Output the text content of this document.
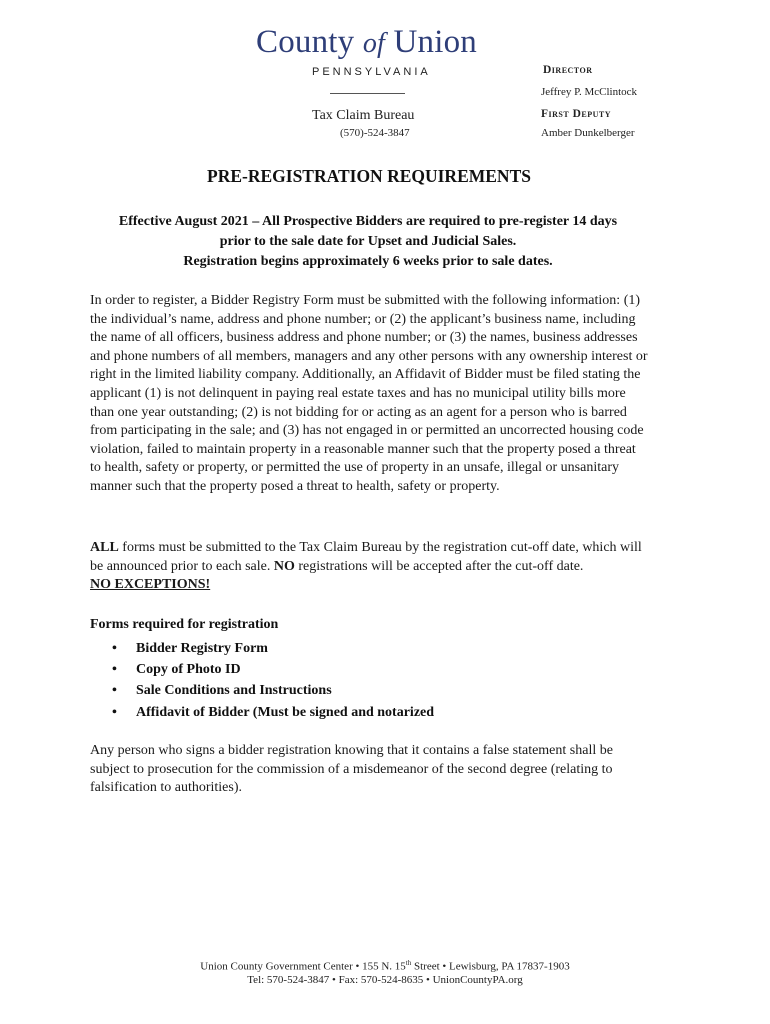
County of Union
PENNSYLVANIA
Tax Claim Bureau
(570)-524-3847
Director
Jeffrey P. McClintock
First Deputy
Amber Dunkelberger
PRE-REGISTRATION REQUIREMENTS
Effective August 2021 – All Prospective Bidders are required to pre-register 14 days
prior to the sale date for Upset and Judicial Sales.
Registration begins approximately 6 weeks prior to sale dates.
In order to register, a Bidder Registry Form must be submitted with the following information: (1) the individual’s name, address and phone number; or (2) the applicant’s business name, including the name of all officers, business address and phone number; or (3) the names, business addresses and phone numbers of all members, managers and any other persons with any ownership interest or right in the limited liability company. Additionally, an Affidavit of Bidder must be filed stating the applicant (1) is not delinquent in paying real estate taxes and has no municipal utility bills more than one year outstanding; (2) is not bidding for or acting as an agent for a person who is barred from participating in the sale; and (3) has not engaged in or permitted an uncorrected housing code violation, failed to maintain property in a reasonable manner such that the property posed a threat to health, safety or property, or permitted the use of property in an unsafe, illegal or unsanitary manner such that the property posed a threat to health, safety or property.
ALL forms must be submitted to the Tax Claim Bureau by the registration cut-off date, which will be announced prior to each sale. NO registrations will be accepted after the cut-off date.
NO EXCEPTIONS!
Forms required for registration
• Bidder Registry Form
• Copy of Photo ID
• Sale Conditions and Instructions
• Affidavit of Bidder (Must be signed and notarized
Any person who signs a bidder registration knowing that it contains a false statement shall be subject to prosecution for the commission of a misdemeanor of the second degree (relating to falsification to authorities).
Union County Government Center • 155 N. 15th Street • Lewisburg, PA 17837-1903
Tel: 570-524-3847 • Fax: 570-524-8635 • UnionCountyPA.org
